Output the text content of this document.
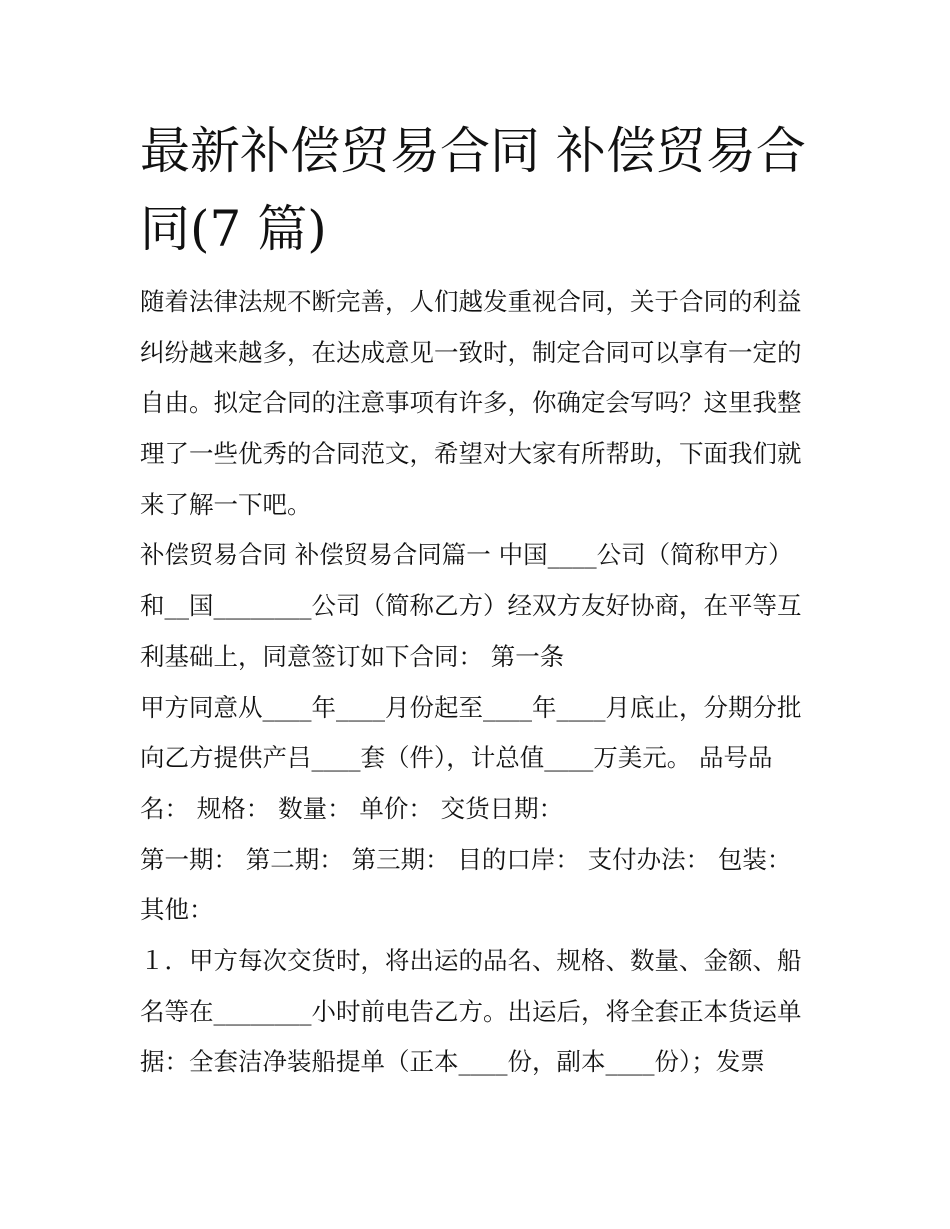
最新补偿贸易合同 补偿贸易合
同(7 篇)
随着法律法规不断完善，人们越发重视合同，关于合同的利益
纠纷越来越多，在达成意见一致时，制定合同可以享有一定的
自由。拟定合同的注意事项有许多，你确定会写吗？这里我整
理了一些优秀的合同范文，希望对大家有所帮助，下面我们就
来了解一下吧。
补偿贸易合同 补偿贸易合同篇一 中国____公司（简称甲方）
和__国________公司（简称乙方）经双方友好协商，在平等互
利基础上，同意签订如下合同： 第一条
甲方同意从____年____月份起至____年____月底止，分期分批
向乙方提供产吕____套（件），计总值____万美元。 品号品
名： 规格： 数量： 单价： 交货日期：
第一期： 第二期： 第三期： 目的口岸： 支付办法： 包装：
其他：
１．甲方每次交货时，将出运的品名、规格、数量、金额、船
名等在________小时前电告乙方。出运后，将全套正本货运单
据：全套洁净装船提单（正本____份，副本____份）；发票
